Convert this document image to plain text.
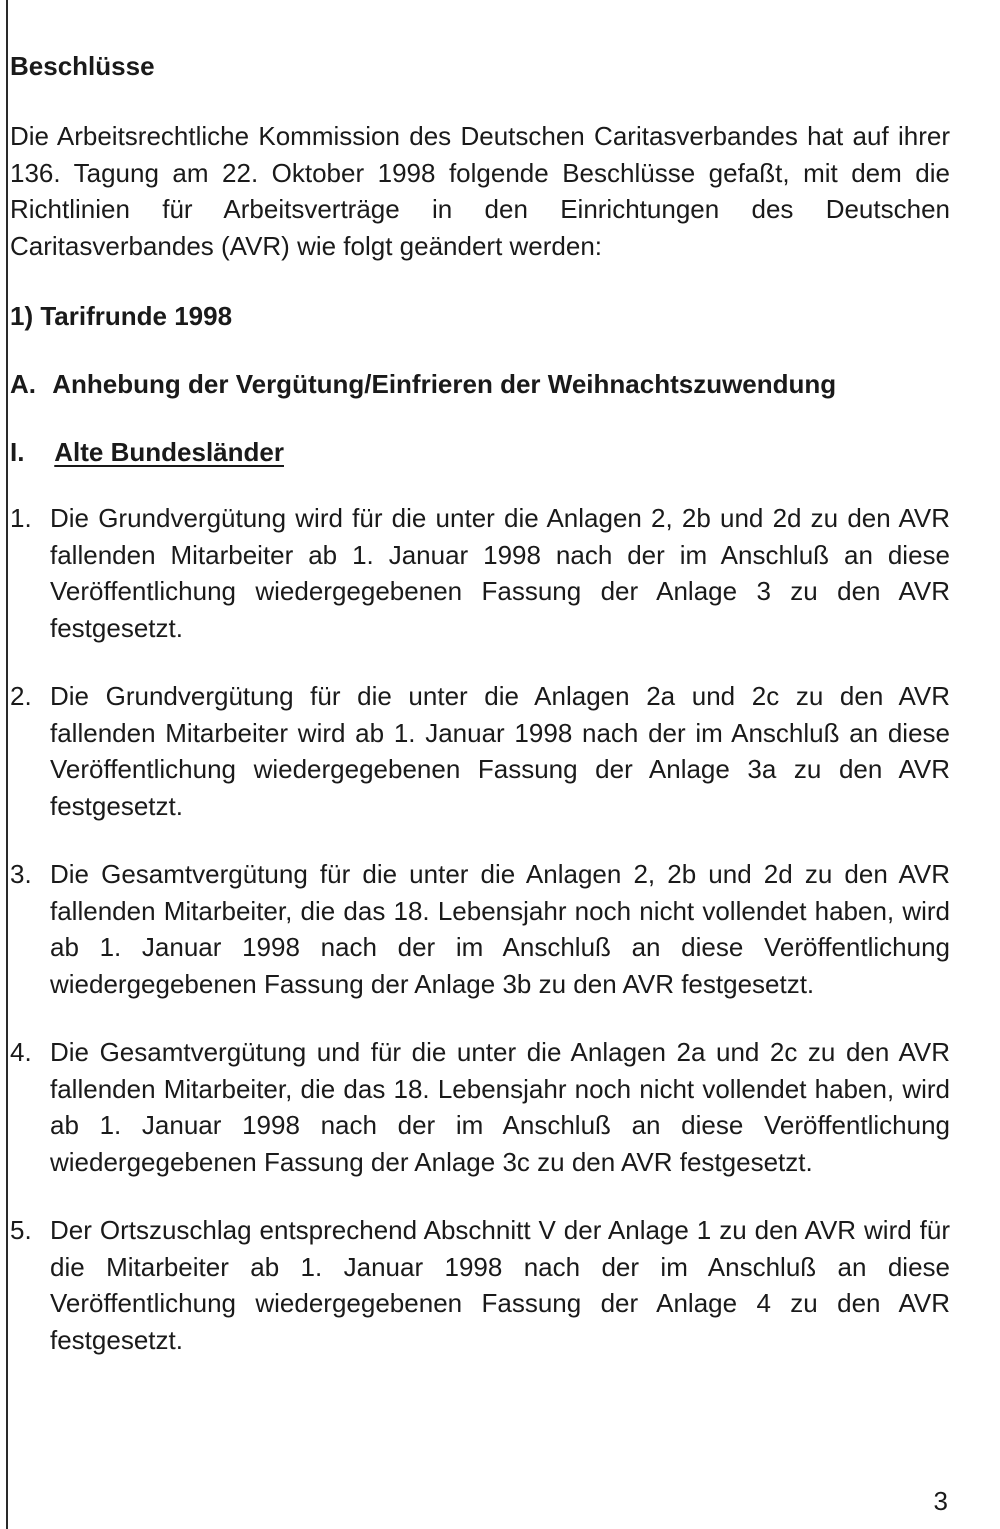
Beschlüsse

Die Arbeitsrechtliche Kommission des Deutschen Caritasverbandes hat auf ihrer 136. Tagung am 22. Oktober 1998 folgende Beschlüsse gefaßt, mit dem die Richtlinien für Arbeitsverträge in den Einrichtungen des Deutschen Caritasverbandes (AVR) wie folgt geändert werden:

1) Tarifrunde 1998
A. Anhebung der Vergütung/Einfrieren der Weihnachtszuwendung
I. Alte Bundesländer
1. Die Grundvergütung wird für die unter die Anlagen 2, 2b und 2d zu den AVR fallenden Mitarbeiter ab 1. Januar 1998 nach der im Anschluß an diese Veröffentlichung wiedergegebenen Fassung der Anlage 3 zu den AVR festgesetzt.
2. Die Grundvergütung für die unter die Anlagen 2a und 2c zu den AVR fallenden Mitarbeiter wird ab 1. Januar 1998 nach der im Anschluß an diese Veröffentlichung wiedergegebenen Fassung der Anlage 3a zu den AVR festgesetzt.
3. Die Gesamtvergütung für die unter die Anlagen 2, 2b und 2d zu den AVR fallenden Mitarbeiter, die das 18. Lebensjahr noch nicht vollendet haben, wird ab 1. Januar 1998 nach der im Anschluß an diese Veröffentlichung wiedergegebenen Fassung der Anlage 3b zu den AVR festgesetzt.
4. Die Gesamtvergütung und für die unter die Anlagen 2a und 2c zu den AVR fallenden Mitarbeiter, die das 18. Lebensjahr noch nicht vollendet haben, wird ab 1. Januar 1998 nach der im Anschluß an diese Veröffentlichung wiedergegebenen Fassung der Anlage 3c zu den AVR festgesetzt.
5. Der Ortszuschlag entsprechend Abschnitt V der Anlage 1 zu den AVR wird für die Mitarbeiter ab 1. Januar 1998 nach der im Anschluß an diese Veröffentlichung wiedergegebenen Fassung der Anlage 4 zu den AVR festgesetzt.
3
